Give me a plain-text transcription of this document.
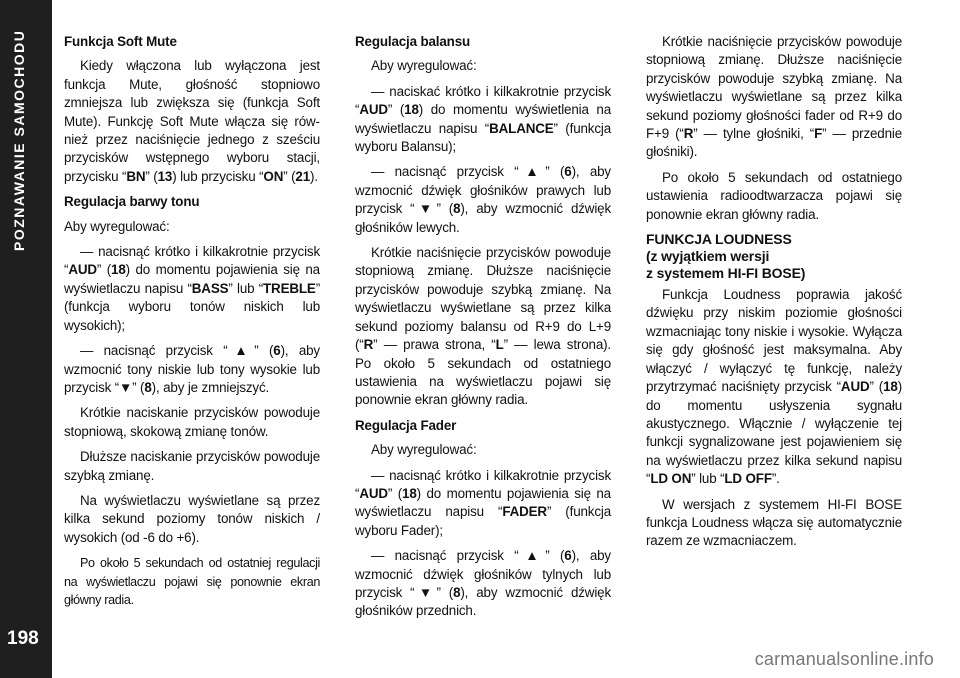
POZNAWANIE SAMOCHODU
198
Funkcja Soft Mute

Kiedy włączona lub wyłączona jest funkcja Mute, głośność stopniowo zmniejsza lub zwiększa się (funkcja Soft Mute). Funkcję Soft Mute włącza się również przez naciśnięcie jednego z sześciu przycisków wstępnego wyboru stacji, przycisku “BN” (13) lub przycisku “ON” (21).

Regulacja barwy tonu

Aby wyregulować:

— nacisnąć krótko i kilkakrotnie przycisk “AUD” (18) do momentu pojawienia się na wyświetlaczu napisu “BASS” lub “TREBLE” (funkcja wyboru tonów niskich lub wysokich);

— nacisnąć przycisk “▲” (6), aby wzmocnić tony niskie lub tony wysokie lub przycisk “▼” (8), aby je zmniejszyć.

Krótkie naciskanie przycisków powoduje stopniową, skokową zmianę tonów.

Dłuższe naciskanie przycisków powoduje szybką zmianę.

Na wyświetlaczu wyświetlane są przez kilka sekund poziomy tonów niskich / wysokich (od -6 do +6).

Po około 5 sekundach od ostatniej regulacji na wyświetlaczu pojawi się ponownie ekran główny radia.

Regulacja balansu

Aby wyregulować:

— naciskać krótko i kilkakrotnie przycisk “AUD” (18) do momentu wyświetlenia na wyświetlaczu napisu “BALANCE” (funkcja wyboru Balansu);

— nacisnąć przycisk “▲” (6), aby wzmocnić dźwięk głośników prawych lub przycisk “▼” (8), aby wzmocnić dźwięk głośników lewych.

Krótkie naciśnięcie przycisków powoduje stopniową zmianę. Dłuższe naciśnięcie przycisków powoduje szybką zmianę. Na wyświetlaczu wyświetlane są przez kilka sekund poziomy balansu od R+9 do L+9 (“R” — prawa strona, “L” — lewa strona). Po około 5 sekundach od ostatniego ustawienia na wyświetlaczu pojawi się ponownie ekran główny radia.

Regulacja Fader

Aby wyregulować:

— nacisnąć krótko i kilkakrotnie przycisk “AUD” (18) do momentu pojawienia się na wyświetlaczu napisu “FADER” (funkcja wyboru Fader);

— nacisnąć przycisk “▲” (6), aby wzmocnić dźwięk głośników tylnych lub przycisk “▼” (8), aby wzmocnić dźwięk głośników przednich.

Krótkie naciśnięcie przycisków powoduje stopniową zmianę. Dłuższe naciśnięcie przycisków powoduje szybką zmianę. Na wyświetlaczu wyświetlane są przez kilka sekund poziomy głośności fader od R+9 do F+9 (“R” — tylne głośniki, “F” — przednie głośniki).

Po około 5 sekundach od ostatniego ustawienia radioodtwarzacza pojawi się ponownie ekran główny radia.

FUNKCJA LOUDNESS
(z wyjątkiem wersji
z systemem HI-FI BOSE)

Funkcja Loudness poprawia jakość dźwięku przy niskim poziomie głośności wzmacniając tony niskie i wysokie. Wyłącza się gdy głośność jest maksymalna. Aby włączyć / wyłączyć tę funkcję, należy przytrzymać naciśnięty przycisk “AUD” (18) do momentu usłyszenia sygnału akustycznego. Włącznie / wyłączenie tej funkcji sygnalizowane jest pojawieniem się na wyświetlaczu przez kilka sekund napisu “LD ON” lub “LD OFF”.

W wersjach z systemem HI-FI BOSE funkcja Loudness włącza się automatycznie razem ze wzmacniaczem.

carmanualsonline.info
